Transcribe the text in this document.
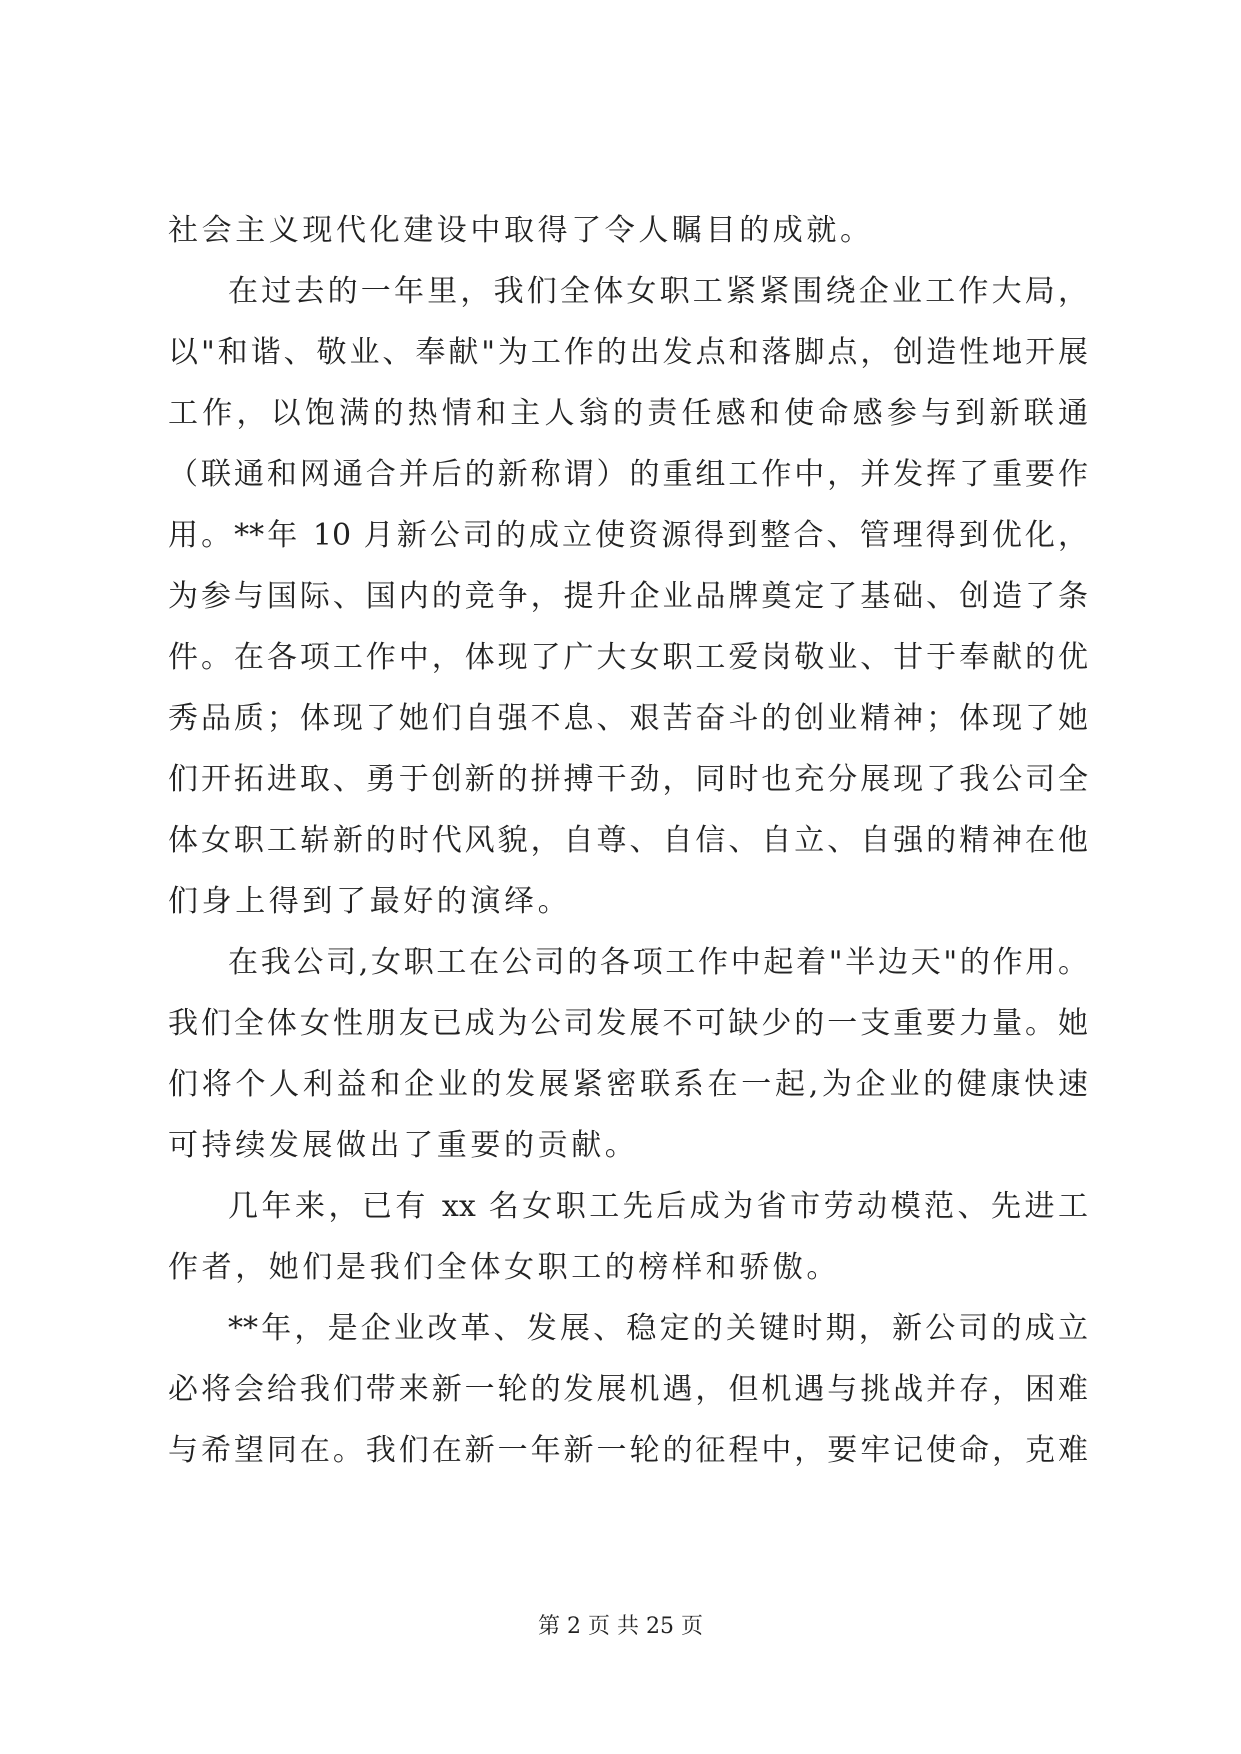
社会主义现代化建设中取得了令人瞩目的成就。
在过去的一年里，我们全体女职工紧紧围绕企业工作大局，
以"和谐、敬业、奉献"为工作的出发点和落脚点，创造性地开展
工作，以饱满的热情和主人翁的责任感和使命感参与到新联通
（联通和网通合并后的新称谓）的重组工作中，并发挥了重要作
用。**年 10 月新公司的成立使资源得到整合、管理得到优化，
为参与国际、国内的竞争，提升企业品牌奠定了基础、创造了条
件。在各项工作中，体现了广大女职工爱岗敬业、甘于奉献的优
秀品质；体现了她们自强不息、艰苦奋斗的创业精神；体现了她
们开拓进取、勇于创新的拼搏干劲，同时也充分展现了我公司全
体女职工崭新的时代风貌，自尊、自信、自立、自强的精神在他
们身上得到了最好的演绎。
在我公司,女职工在公司的各项工作中起着"半边天"的作用。
我们全体女性朋友已成为公司发展不可缺少的一支重要力量。她
们将个人利益和企业的发展紧密联系在一起,为企业的健康快速
可持续发展做出了重要的贡献。
几年来，已有 xx 名女职工先后成为省市劳动模范、先进工
作者，她们是我们全体女职工的榜样和骄傲。
**年，是企业改革、发展、稳定的关键时期，新公司的成立
必将会给我们带来新一轮的发展机遇，但机遇与挑战并存，困难
与希望同在。我们在新一年新一轮的征程中，要牢记使命，克难
第 2 页 共 25 页
